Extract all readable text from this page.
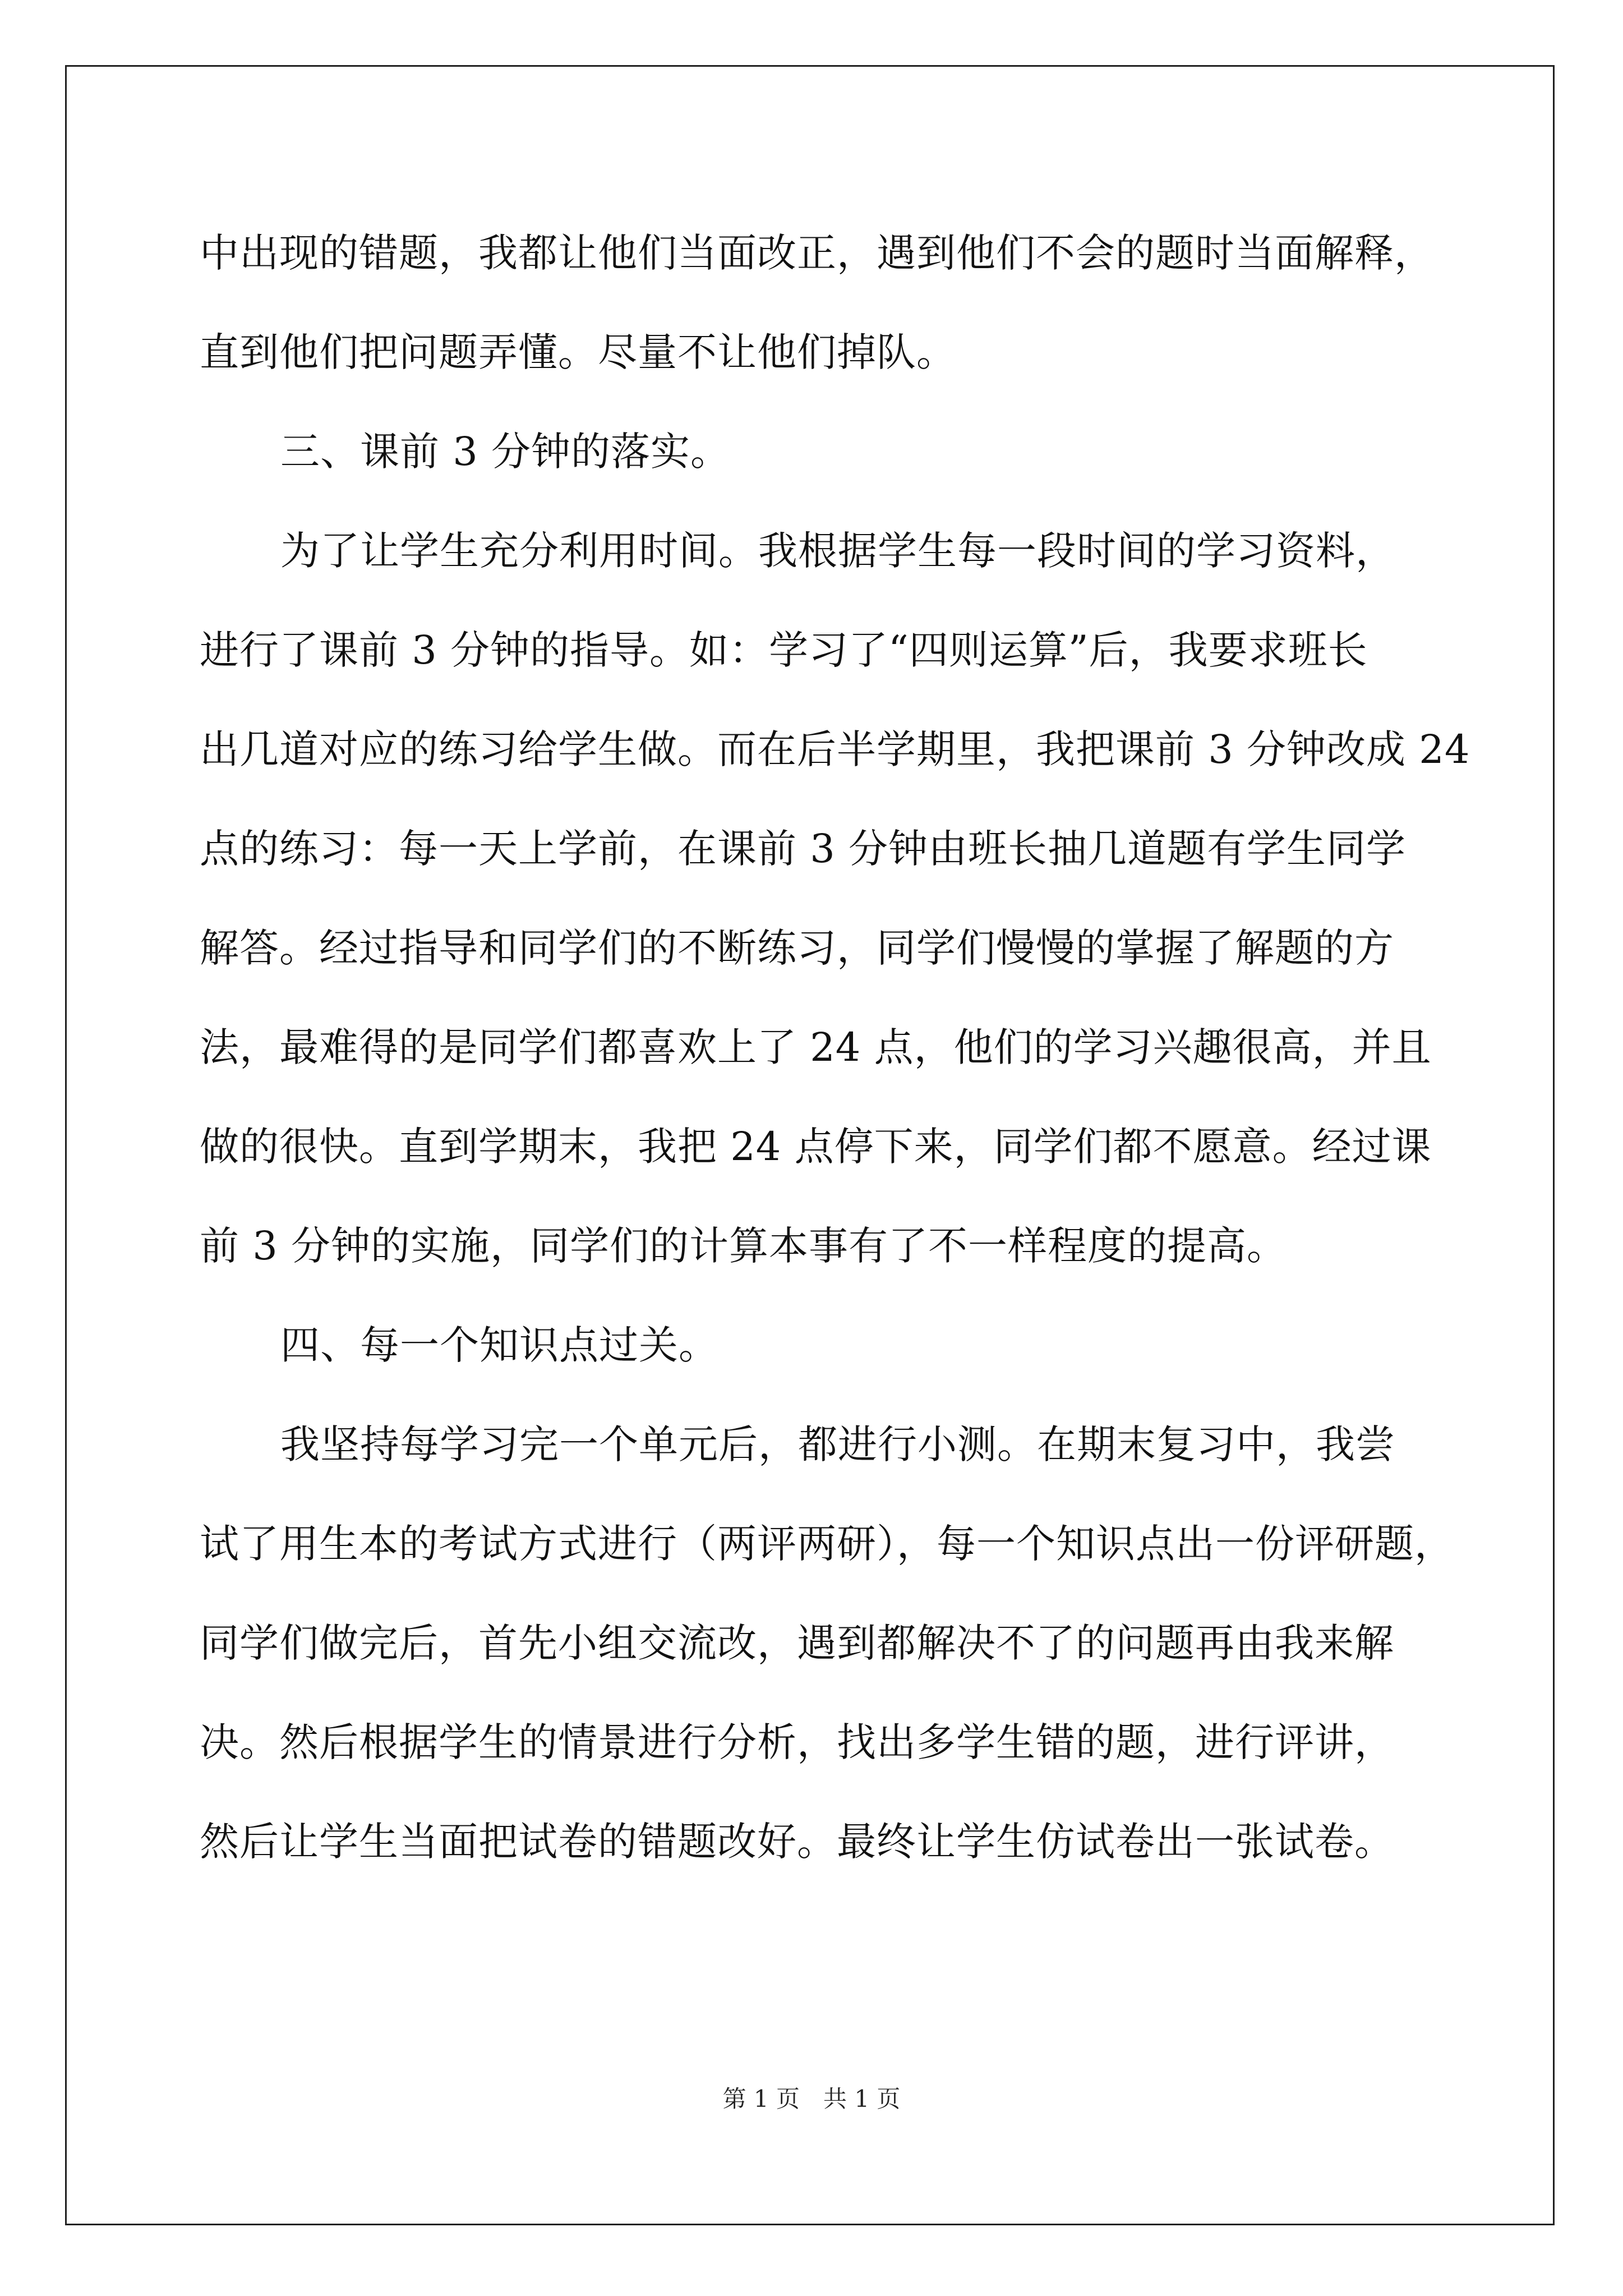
中出现的错题，我都让他们当面改正，遇到他们不会的题时当面解释，
直到他们把问题弄懂。尽量不让他们掉队。
三、课前 3 分钟的落实。
为了让学生充分利用时间。我根据学生每一段时间的学习资料，
进行了课前 3 分钟的指导。如：学习了“四则运算”后，我要求班长
出几道对应的练习给学生做。而在后半学期里，我把课前 3 分钟改成 24
点的练习：每一天上学前，在课前 3 分钟由班长抽几道题有学生同学
解答。经过指导和同学们的不断练习，同学们慢慢的掌握了解题的方
法，最难得的是同学们都喜欢上了 24 点，他们的学习兴趣很高，并且
做的很快。直到学期末，我把 24 点停下来，同学们都不愿意。经过课
前 3 分钟的实施，同学们的计算本事有了不一样程度的提高。
四、每一个知识点过关。
我坚持每学习完一个单元后，都进行小测。在期末复习中，我尝
试了用生本的考试方式进行（两评两研），每一个知识点出一份评研题，
同学们做完后，首先小组交流改，遇到都解决不了的问题再由我来解
决。然后根据学生的情景进行分析，找出多学生错的题，进行评讲，
然后让学生当面把试卷的错题改好。最终让学生仿试卷出一张试卷。
第 1 页　共 1 页
